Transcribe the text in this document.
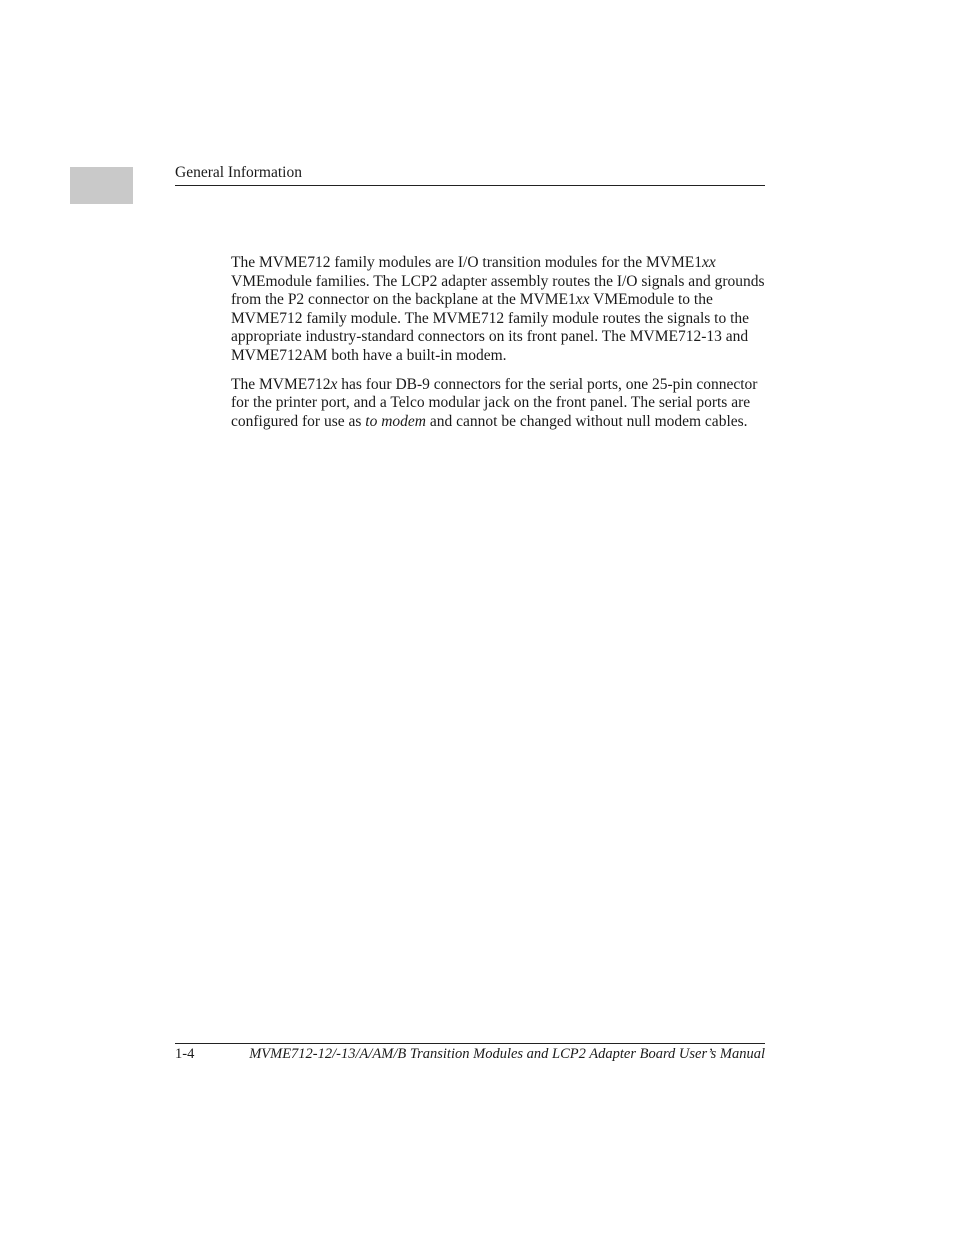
General Information

The MVME712 family modules are I/O transition modules for the MVME1xx VMEmodule families. The LCP2 adapter assembly routes the I/O signals and grounds from the P2 connector on the backplane at the MVME1xx VMEmodule to the MVME712 family module. The MVME712 family module routes the signals to the appropriate industry-standard connectors on its front panel. The MVME712-13 and MVME712AM both have a built-in modem.

The MVME712x has four DB-9 connectors for the serial ports, one 25-pin connector for the printer port, and a Telco modular jack on the front panel. The serial ports are configured for use as to modem and cannot be changed without null modem cables.

1-4	MVME712-12/-13/A/AM/B Transition Modules and LCP2 Adapter Board User’s Manual
